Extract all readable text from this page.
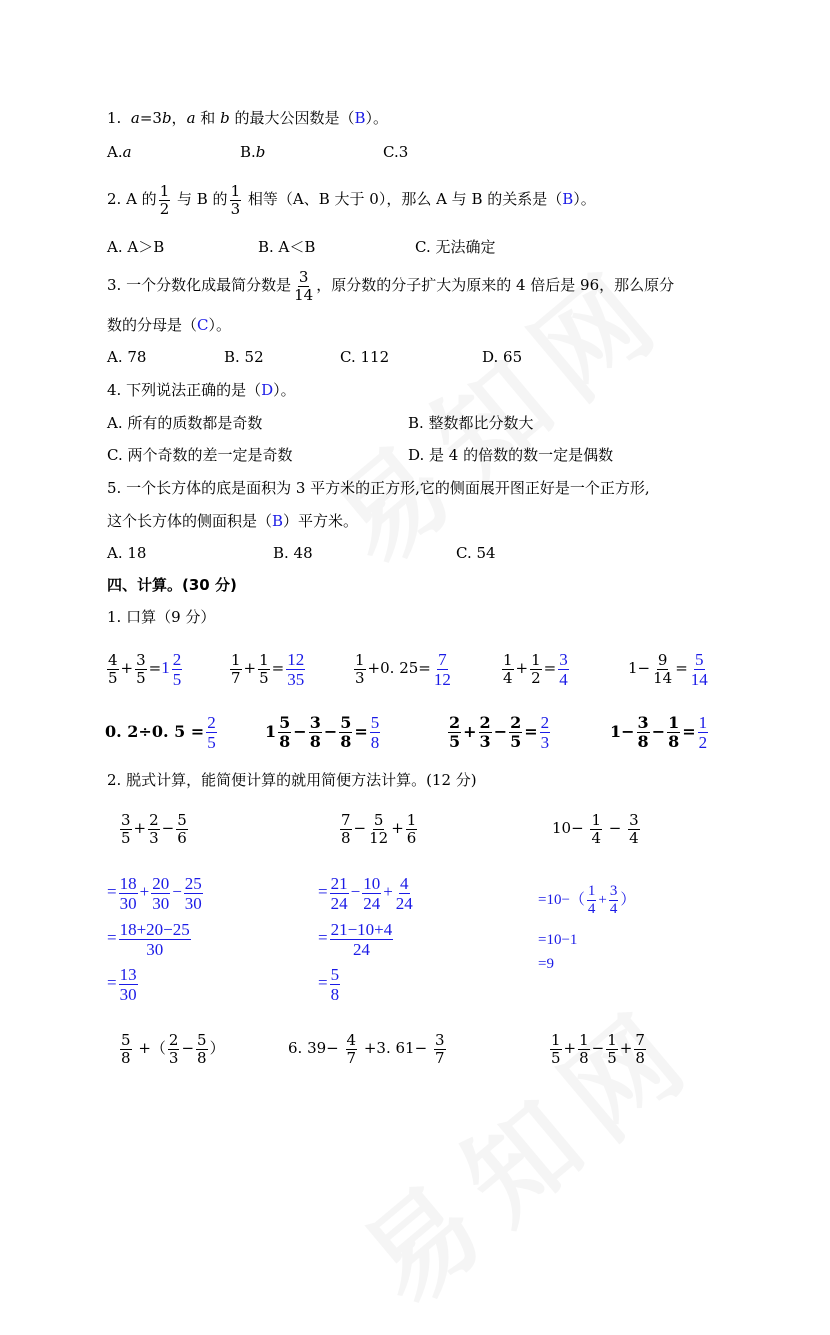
1. a=3b，a 和 b 的最大公因数是（B）。
A.a	B.b	C.3
2. A 的 $\frac{1}{2}$ 与 B 的 $\frac{1}{3}$ 相等（A、B 大于 0），那么 A 与 B 的关系是（B）。
A. A＞B	B. A＜B	C. 无法确定
3. 一个分数化成最简分数是 $\frac{3}{14}$ ，原分数的分子扩大为原来的 4 倍后是 96，那么原分
数的分母是（C）。
A. 78	B. 52	C. 112	D. 65
4. 下列说法正确的是（D）。
A. 所有的质数都是奇数	B. 整数都比分数大
C. 两个奇数的差一定是奇数	D. 是 4 的倍数的数一定是偶数
5. 一个长方体的底是面积为 3 平方米的正方形,它的侧面展开图正好是一个正方形,
这个长方体的侧面积是（B）平方米。
A. 18	B. 48	C. 54
四、计算。(30 分)
1. 口算（9 分）
$\frac{4}{5} + \frac{3}{5} =1 \frac{2}{5}$	$\frac{1}{7} + \frac{1}{5} = \frac{12}{35}$	$\frac{1}{3} +0$. $25= \frac{7}{12}$	$\frac{1}{4} + \frac{1}{2} = \frac{3}{4}$	$1- \frac{9}{14} = \frac{5}{14}$
0. 2÷0. $5 = \frac{2}{5}$	$1 \frac{5}{8} - \frac{3}{8} - \frac{5}{8} = \frac{5}{8}$	$\frac{2}{5} + \frac{2}{3} - \frac{2}{5} = \frac{2}{3}$	$1- \frac{3}{8} - \frac{1}{8} = \frac{1}{2}$
2. 脱式计算，能简便计算的就用简便方法计算。(12 分)
$\frac{3}{5} + \frac{2}{3} - \frac{5}{6}$
= $\frac{18}{30} + \frac{20}{30} - \frac{25}{30}$
= $\frac{18+20-25}{30}$
= $\frac{13}{30}$
$\frac{7}{8} - \frac{5}{12} + \frac{1}{6}$
= $\frac{21}{24} - \frac{10}{24} + \frac{4}{24}$
= $\frac{21-10+4}{24}$
= $\frac{5}{8}$
$10- \frac{1}{4} - \frac{3}{4}$
$=10-( \frac{1}{4} + \frac{3}{4}$ ）
=10−1
=9
$\frac{5}{8}$ +（ $\frac{2}{3} - \frac{5}{8}$ ）	6. $39- \frac{4}{7} +3$. $61- \frac{3}{7}$	$\frac{1}{5} + \frac{1}{8} - \frac{1}{5} + \frac{7}{8}$
